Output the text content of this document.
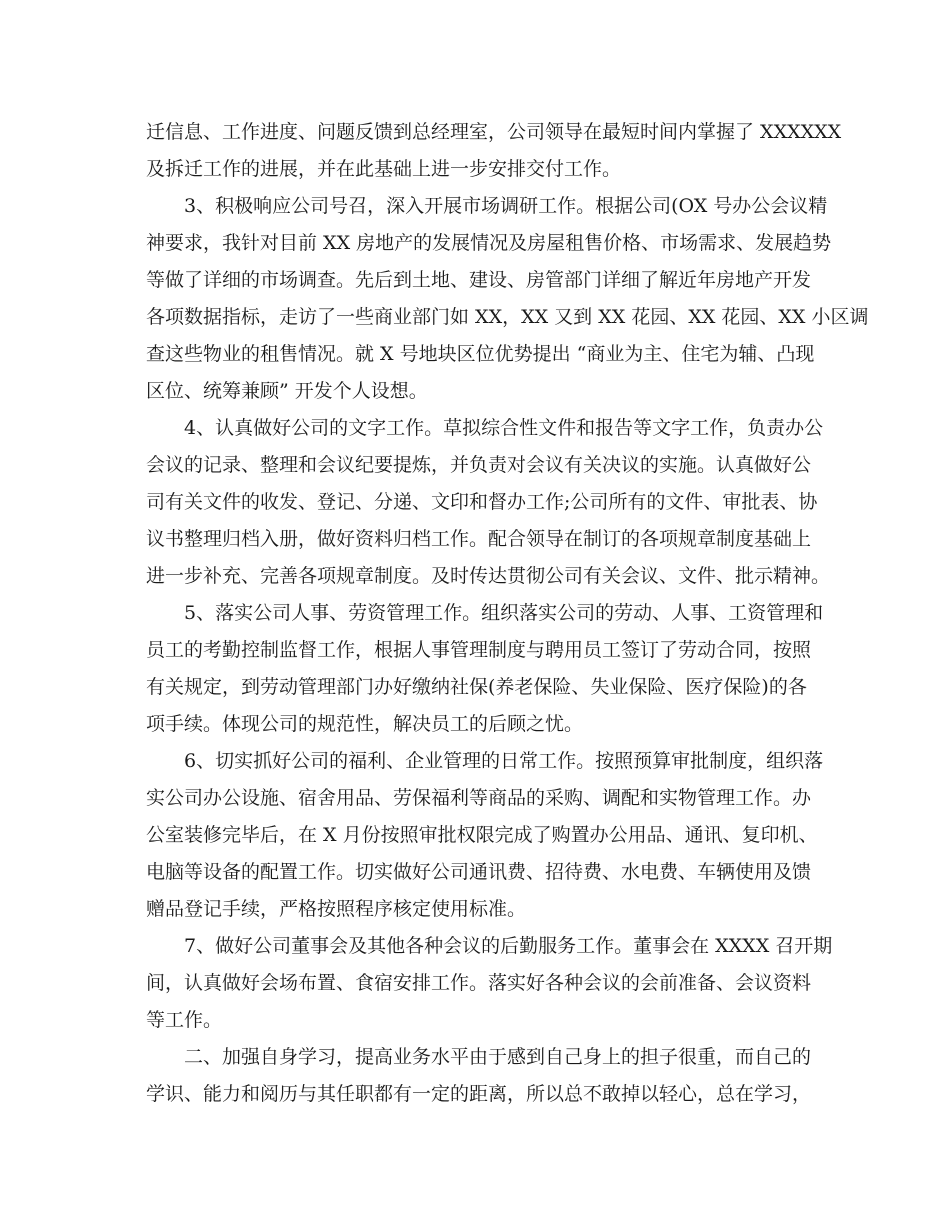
迁信息、工作进度、问题反馈到总经理室，公司领导在最短时间内掌握了 XXXXXX
及拆迁工作的进展，并在此基础上进一步安排交付工作。
3、积极响应公司号召，深入开展市场调研工作。根据公司(OX 号办公会议精
神要求，我针对目前 XX 房地产的发展情况及房屋租售价格、市场需求、发展趋势
等做了详细的市场调查。先后到土地、建设、房管部门详细了解近年房地产开发
各项数据指标，走访了一些商业部门如 XX，XX 又到 XX 花园、XX 花园、XX 小区调
查这些物业的租售情况。就 X 号地块区位优势提出 “商业为主、住宅为辅、凸现
区位、统筹兼顾” 开发个人设想。
4、认真做好公司的文字工作。草拟综合性文件和报告等文字工作，负责办公
会议的记录、整理和会议纪要提炼，并负责对会议有关决议的实施。认真做好公
司有关文件的收发、登记、分递、文印和督办工作;公司所有的文件、审批表、协
议书整理归档入册，做好资料归档工作。配合领导在制订的各项规章制度基础上
进一步补充、完善各项规章制度。及时传达贯彻公司有关会议、文件、批示精神。
5、落实公司人事、劳资管理工作。组织落实公司的劳动、人事、工资管理和
员工的考勤控制监督工作，根据人事管理制度与聘用员工签订了劳动合同，按照
有关规定，到劳动管理部门办好缴纳社保(养老保险、失业保险、医疗保险)的各
项手续。体现公司的规范性，解决员工的后顾之忧。
6、切实抓好公司的福利、企业管理的日常工作。按照预算审批制度，组织落
实公司办公设施、宿舍用品、劳保福利等商品的采购、调配和实物管理工作。办
公室装修完毕后，在 X 月份按照审批权限完成了购置办公用品、通讯、复印机、
电脑等设备的配置工作。切实做好公司通讯费、招待费、水电费、车辆使用及馈
赠品登记手续，严格按照程序核定使用标准。
7、做好公司董事会及其他各种会议的后勤服务工作。董事会在 XXXX 召开期
间，认真做好会场布置、食宿安排工作。落实好各种会议的会前准备、会议资料
等工作。
二、加强自身学习，提高业务水平由于感到自己身上的担子很重，而自己的
学识、能力和阅历与其任职都有一定的距离，所以总不敢掉以轻心，总在学习，
